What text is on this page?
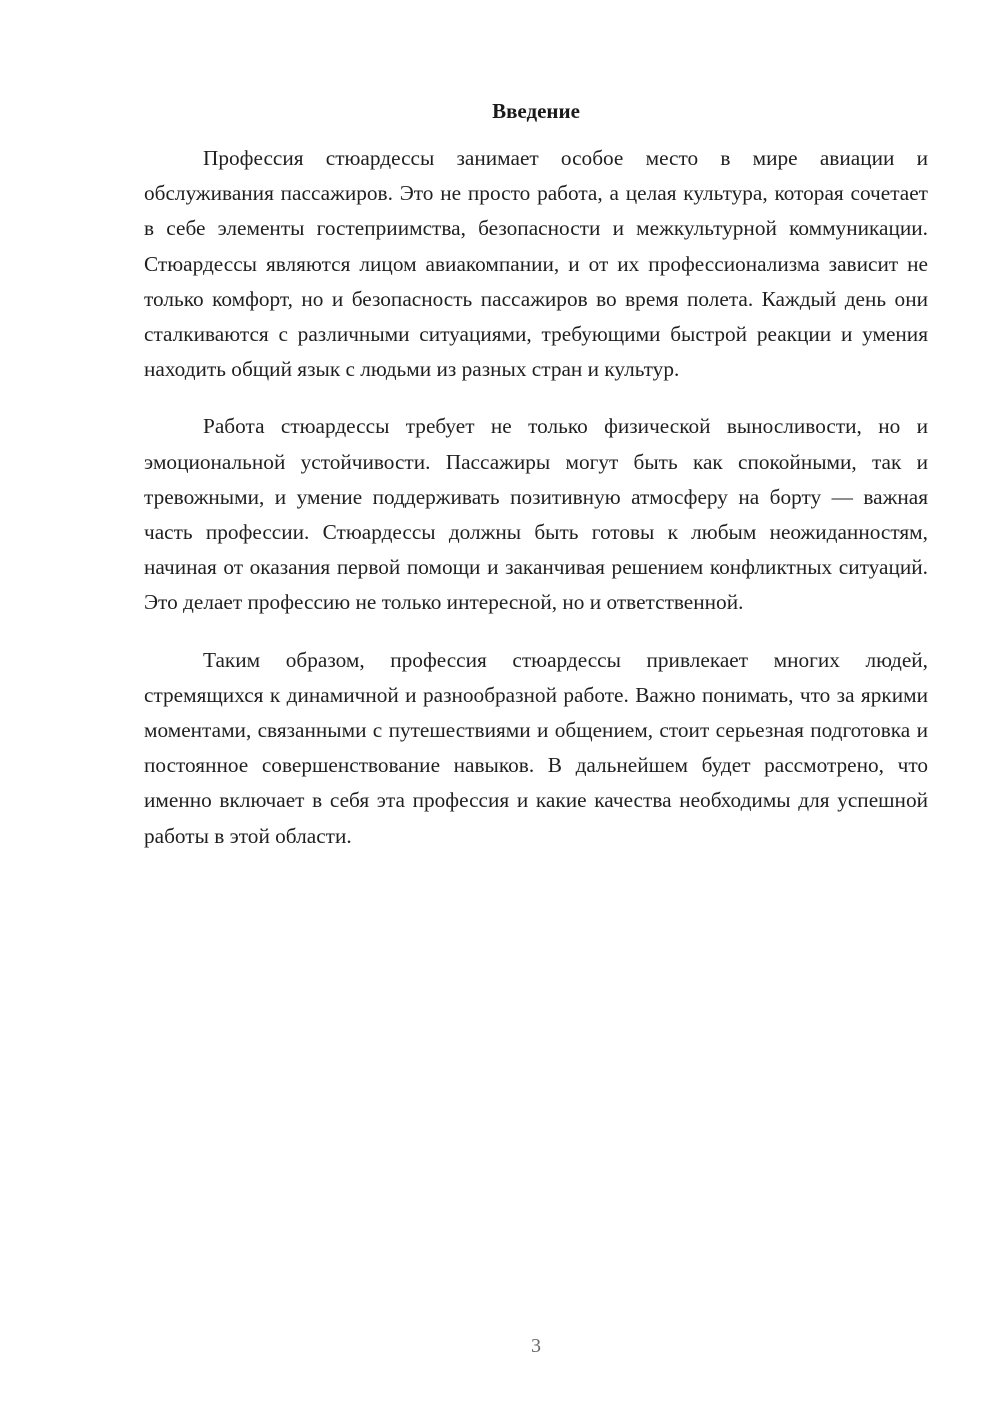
Введение

Профессия стюардессы занимает особое место в мире авиации и обслуживания пассажиров. Это не просто работа, а целая культура, которая сочетает в себе элементы гостеприимства, безопасности и межкультурной коммуникации. Стюардессы являются лицом авиакомпании, и от их профессионализма зависит не только комфорт, но и безопасность пассажиров во время полета. Каждый день они сталкиваются с различными ситуациями, требующими быстрой реакции и умения находить общий язык с людьми из разных стран и культур.

Работа стюардессы требует не только физической выносливости, но и эмоциональной устойчивости. Пассажиры могут быть как спокойными, так и тревожными, и умение поддерживать позитивную атмосферу на борту — важная часть профессии. Стюардессы должны быть готовы к любым неожиданностям, начиная от оказания первой помощи и заканчивая решением конфликтных ситуаций. Это делает профессию не только интересной, но и ответственной.

Таким образом, профессия стюардессы привлекает многих людей, стремящихся к динамичной и разнообразной работе. Важно понимать, что за яркими моментами, связанными с путешествиями и общением, стоит серьезная подготовка и постоянное совершенствование навыков. В дальнейшем будет рассмотрено, что именно включает в себя эта профессия и какие качества необходимы для успешной работы в этой области.

3
